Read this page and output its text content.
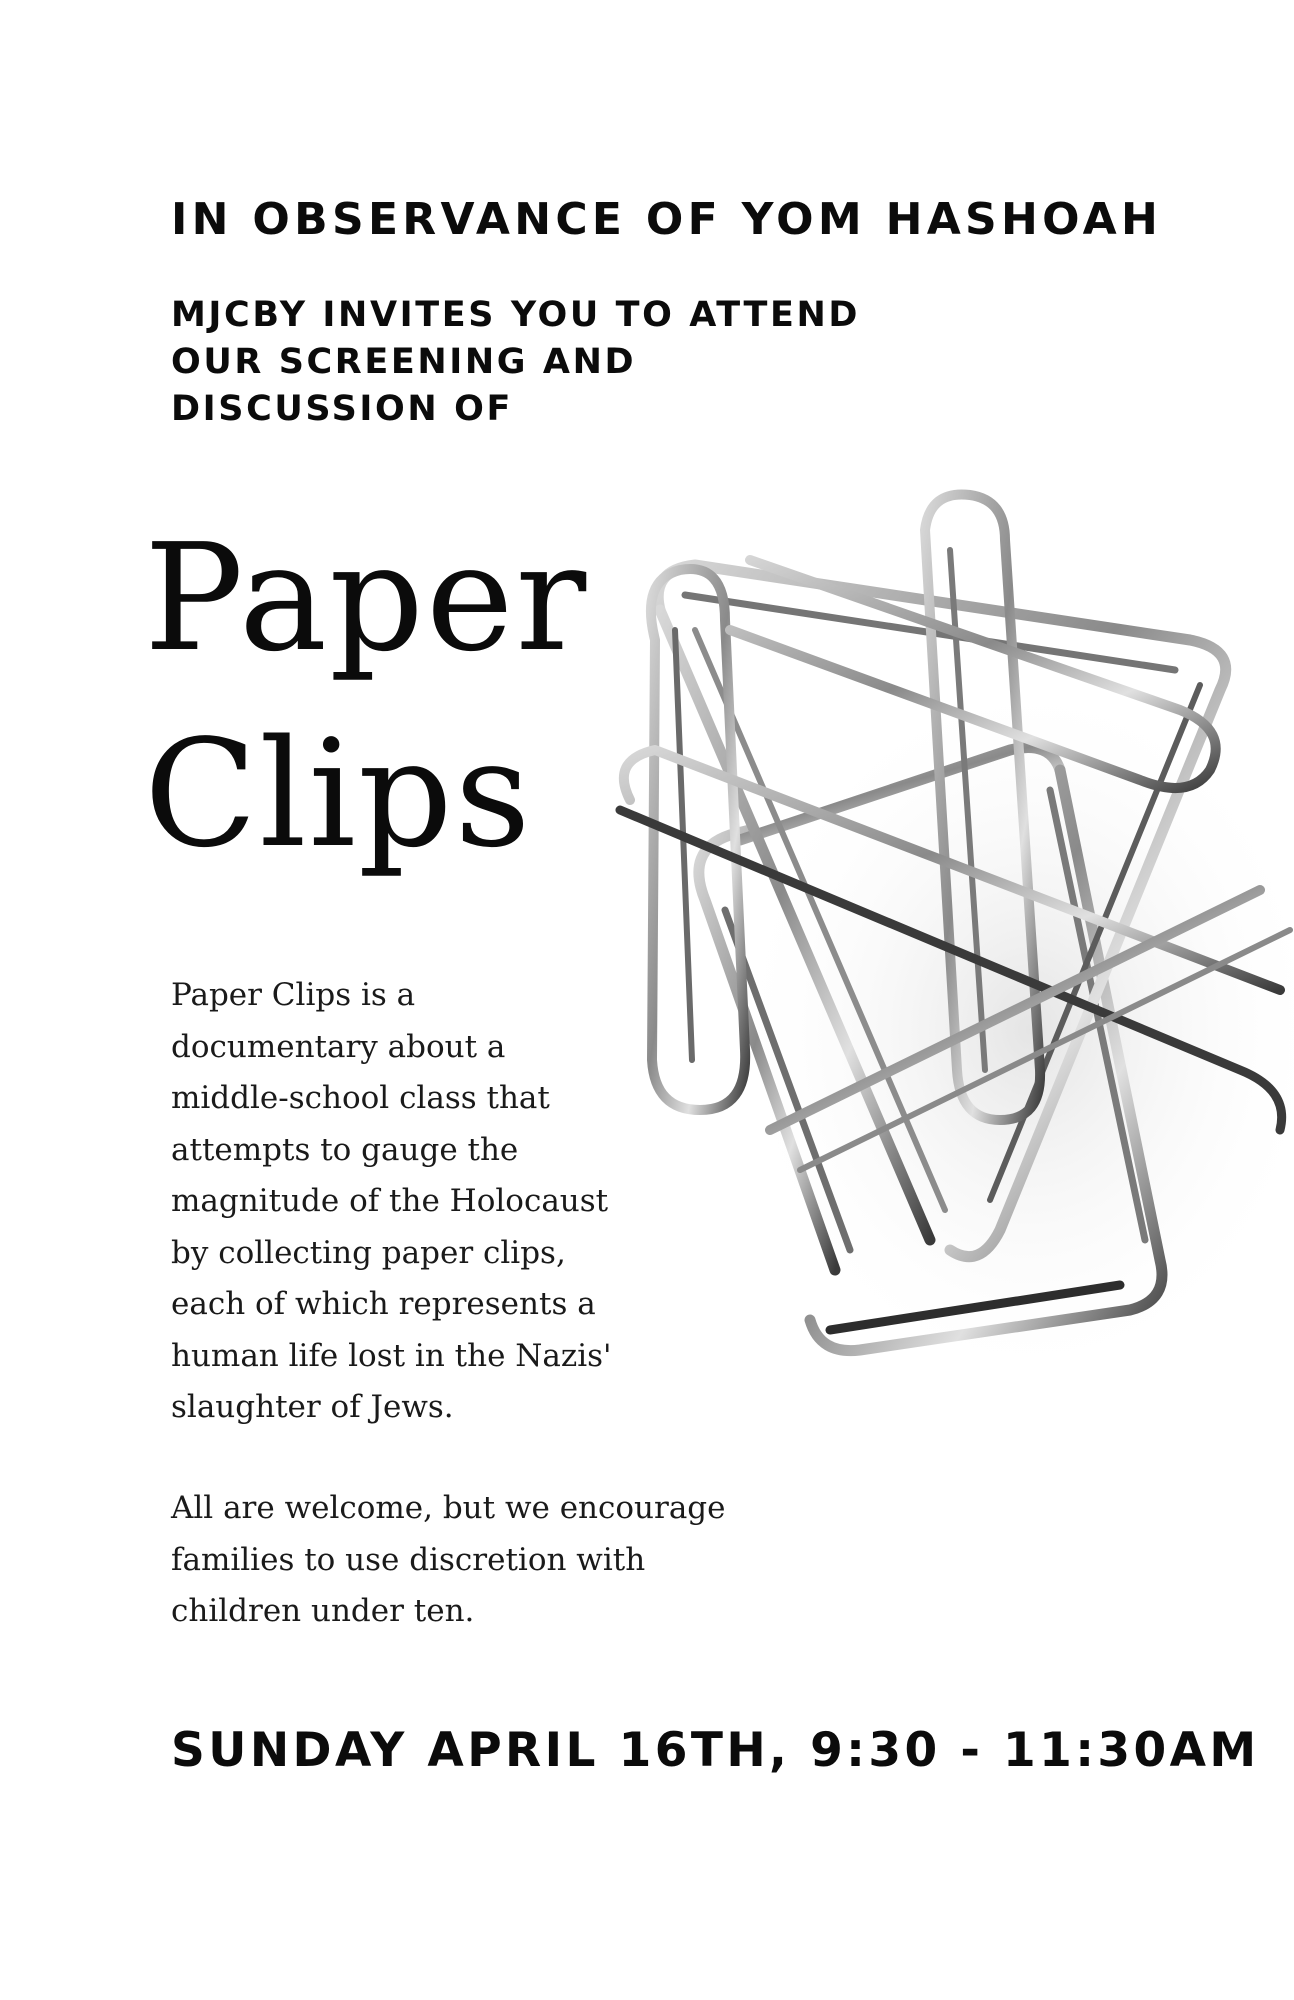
IN OBSERVANCE OF YOM HASHOAH
MJCBY INVITES YOU TO ATTEND
OUR SCREENING AND
DISCUSSION OF
Paper
Clips

Paper Clips is a
documentary about a
middle-school class that
attempts to gauge the
magnitude of the Holocaust
by collecting paper clips,
each of which represents a
human life lost in the Nazis'
slaughter of Jews.

All are welcome, but we encourage
families to use discretion with
children under ten.

SUNDAY APRIL 16TH, 9:30 - 11:30AM
